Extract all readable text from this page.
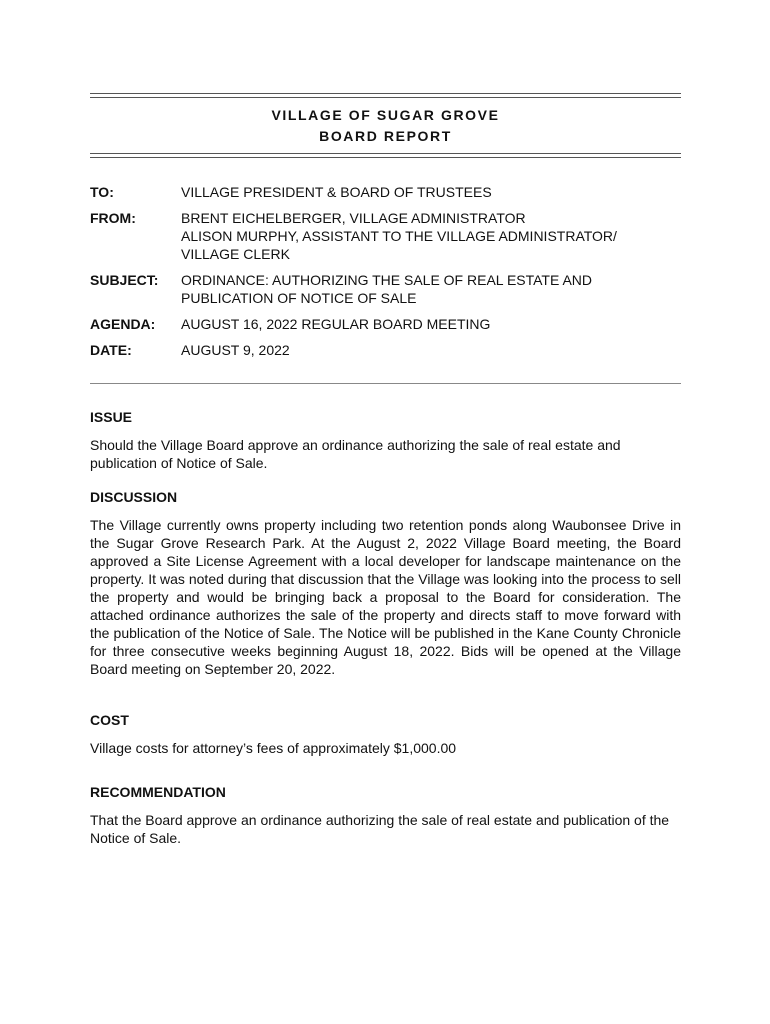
VILLAGE OF SUGAR GROVE
BOARD REPORT
TO:	VILLAGE PRESIDENT & BOARD OF TRUSTEES
FROM:	BRENT EICHELBERGER, VILLAGE ADMINISTRATOR
ALISON MURPHY, ASSISTANT TO THE VILLAGE ADMINISTRATOR/
VILLAGE CLERK
SUBJECT: ORDINANCE: AUTHORIZING THE SALE OF REAL ESTATE AND
PUBLICATION OF NOTICE OF SALE
AGENDA: AUGUST 16, 2022 REGULAR BOARD MEETING
DATE:	AUGUST 9, 2022
ISSUE
Should the Village Board approve an ordinance authorizing the sale of real estate and publication of Notice of Sale.
DISCUSSION
The Village currently owns property including two retention ponds along Waubonsee Drive in the Sugar Grove Research Park. At the August 2, 2022 Village Board meeting, the Board approved a Site License Agreement with a local developer for landscape maintenance on the property. It was noted during that discussion that the Village was looking into the process to sell the property and would be bringing back a proposal to the Board for consideration. The attached ordinance authorizes the sale of the property and directs staff to move forward with the publication of the Notice of Sale. The Notice will be published in the Kane County Chronicle for three consecutive weeks beginning August 18, 2022. Bids will be opened at the Village Board meeting on September 20, 2022.
COST
Village costs for attorney’s fees of approximately $1,000.00
RECOMMENDATION
That the Board approve an ordinance authorizing the sale of real estate and publication of the Notice of Sale.
